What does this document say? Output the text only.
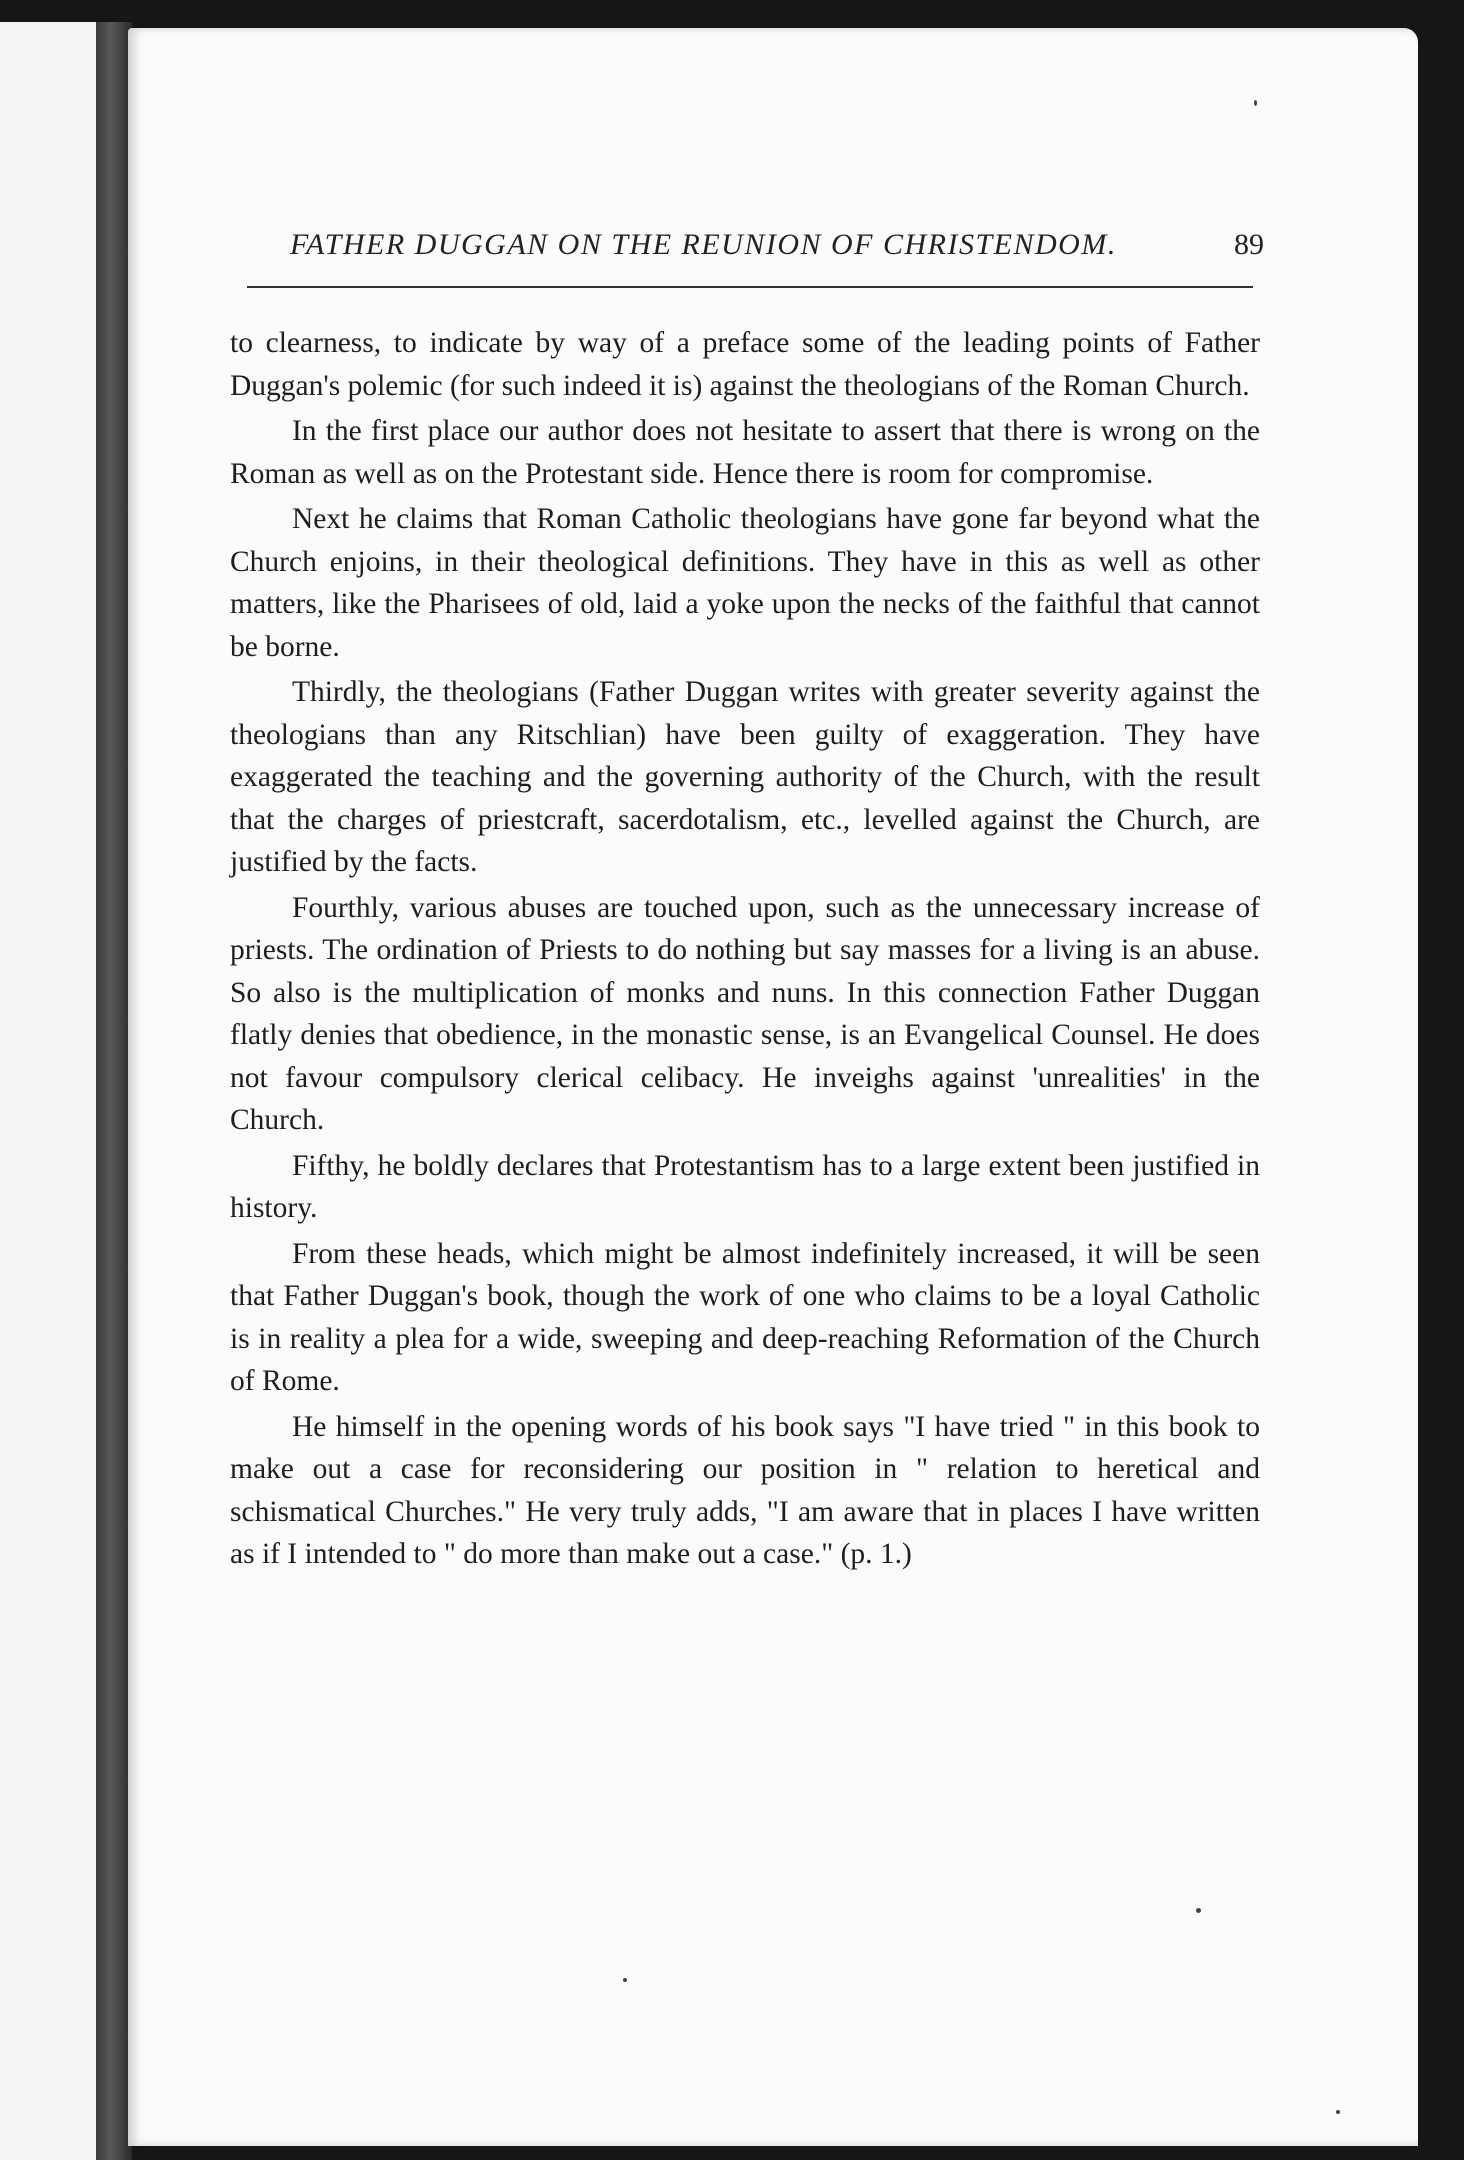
FATHER DUGGAN ON THE REUNION OF CHRISTENDOM.	89

to clearness, to indicate by way of a preface some of the leading points of Father Duggan's polemic (for such indeed it is) against the theologians of the Roman Church.

In the first place our author does not hesitate to assert that there is wrong on the Roman as well as on the Protestant side. Hence there is room for compromise.

Next he claims that Roman Catholic theologians have gone far beyond what the Church enjoins, in their theological definitions. They have in this as well as other matters, like the Pharisees of old, laid a yoke upon the necks of the faithful that cannot be borne.

Thirdly, the theologians (Father Duggan writes with greater severity against the theologians than any Ritschlian) have been guilty of exaggeration. They have exaggerated the teaching and the governing authority of the Church, with the result that the charges of priestcraft, sacerdotalism, etc., levelled against the Church, are justified by the facts.

Fourthly, various abuses are touched upon, such as the unnecessary increase of priests. The ordination of Priests to do nothing but say masses for a living is an abuse. So also is the multiplication of monks and nuns. In this connection Father Duggan flatly denies that obedience, in the monastic sense, is an Evangelical Counsel. He does not favour compulsory clerical celibacy. He inveighs against 'unrealities' in the Church.

Fifthy, he boldly declares that Protestantism has to a large extent been justified in history.

From these heads, which might be almost indefinitely increased, it will be seen that Father Duggan's book, though the work of one who claims to be a loyal Catholic is in reality a plea for a wide, sweeping and deep-reaching Reformation of the Church of Rome.

He himself in the opening words of his book says "I have tried " in this book to make out a case for reconsidering our position in " relation to heretical and schismatical Churches." He very truly adds, "I am aware that in places I have written as if I intended to " do more than make out a case." (p. 1.)
